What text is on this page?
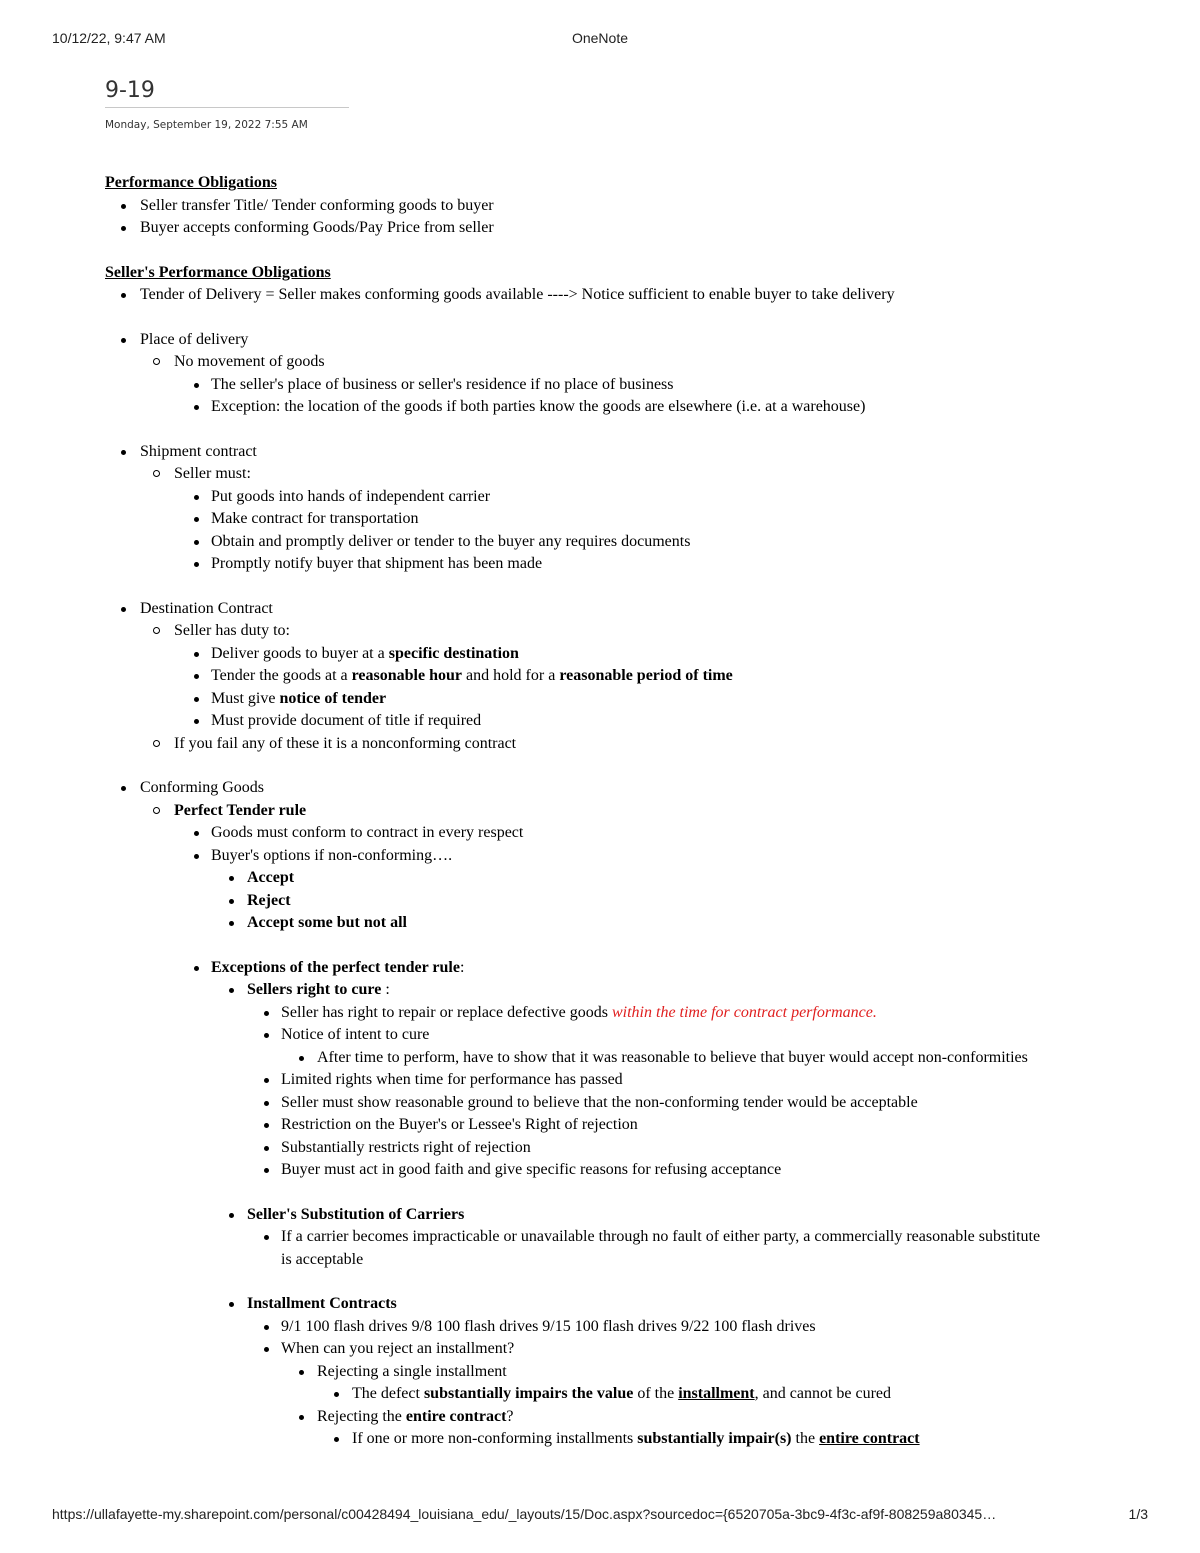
10/12/22, 9:47 AM	OneNote
9-19
Monday, September 19, 2022 7:55 AM
Performance Obligations
Seller transfer Title/ Tender conforming goods to buyer
Buyer accepts conforming Goods/Pay Price from seller
Seller's Performance Obligations
Tender of Delivery = Seller makes conforming goods available ----> Notice sufficient to enable buyer to take delivery
Place of delivery
No movement of goods
The seller's place of business or seller's residence if no place of business
Exception: the location of the goods if both parties know the goods are elsewhere (i.e. at a warehouse)
Shipment contract
Seller must:
Put goods into hands of independent carrier
Make contract for transportation
Obtain and promptly deliver or tender to the buyer any requires documents
Promptly notify buyer that shipment has been made
Destination Contract
Seller has duty to:
Deliver goods to buyer at a specific destination
Tender the goods at a reasonable hour and hold for a reasonable period of time
Must give notice of tender
Must provide document of title if required
If you fail any of these it is a nonconforming contract
Conforming Goods
Perfect Tender rule
Goods must conform to contract in every respect
Buyer's options if non-conforming….
Accept
Reject
Accept some but not all
Exceptions of the perfect tender rule:
Sellers right to cure :
Seller has right to repair or replace defective goods within the time for contract performance.
Notice of intent to cure
After time to perform, have to show that it was reasonable to believe that buyer would accept non-conformities
Limited rights when time for performance has passed
Seller must show reasonable ground to believe that the non-conforming tender would be acceptable
Restriction on the Buyer's or Lessee's Right of rejection
Substantially restricts right of rejection
Buyer must act in good faith and give specific reasons for refusing acceptance
Seller's Substitution of Carriers
If a carrier becomes impracticable or unavailable through no fault of either party, a commercially reasonable substitute
is acceptable
Installment Contracts
9/1 100 flash drives 9/8 100 flash drives 9/15 100 flash drives 9/22 100 flash drives
When can you reject an installment?
Rejecting a single installment
The defect substantially impairs the value of the installment, and cannot be cured
Rejecting the entire contract?
If one or more non-conforming installments substantially impair(s) the entire contract
https://ullafayette-my.sharepoint.com/personal/c00428494_louisiana_edu/_layouts/15/Doc.aspx?sourcedoc={6520705a-3bc9-4f3c-af9f-808259a80345…	1/3
